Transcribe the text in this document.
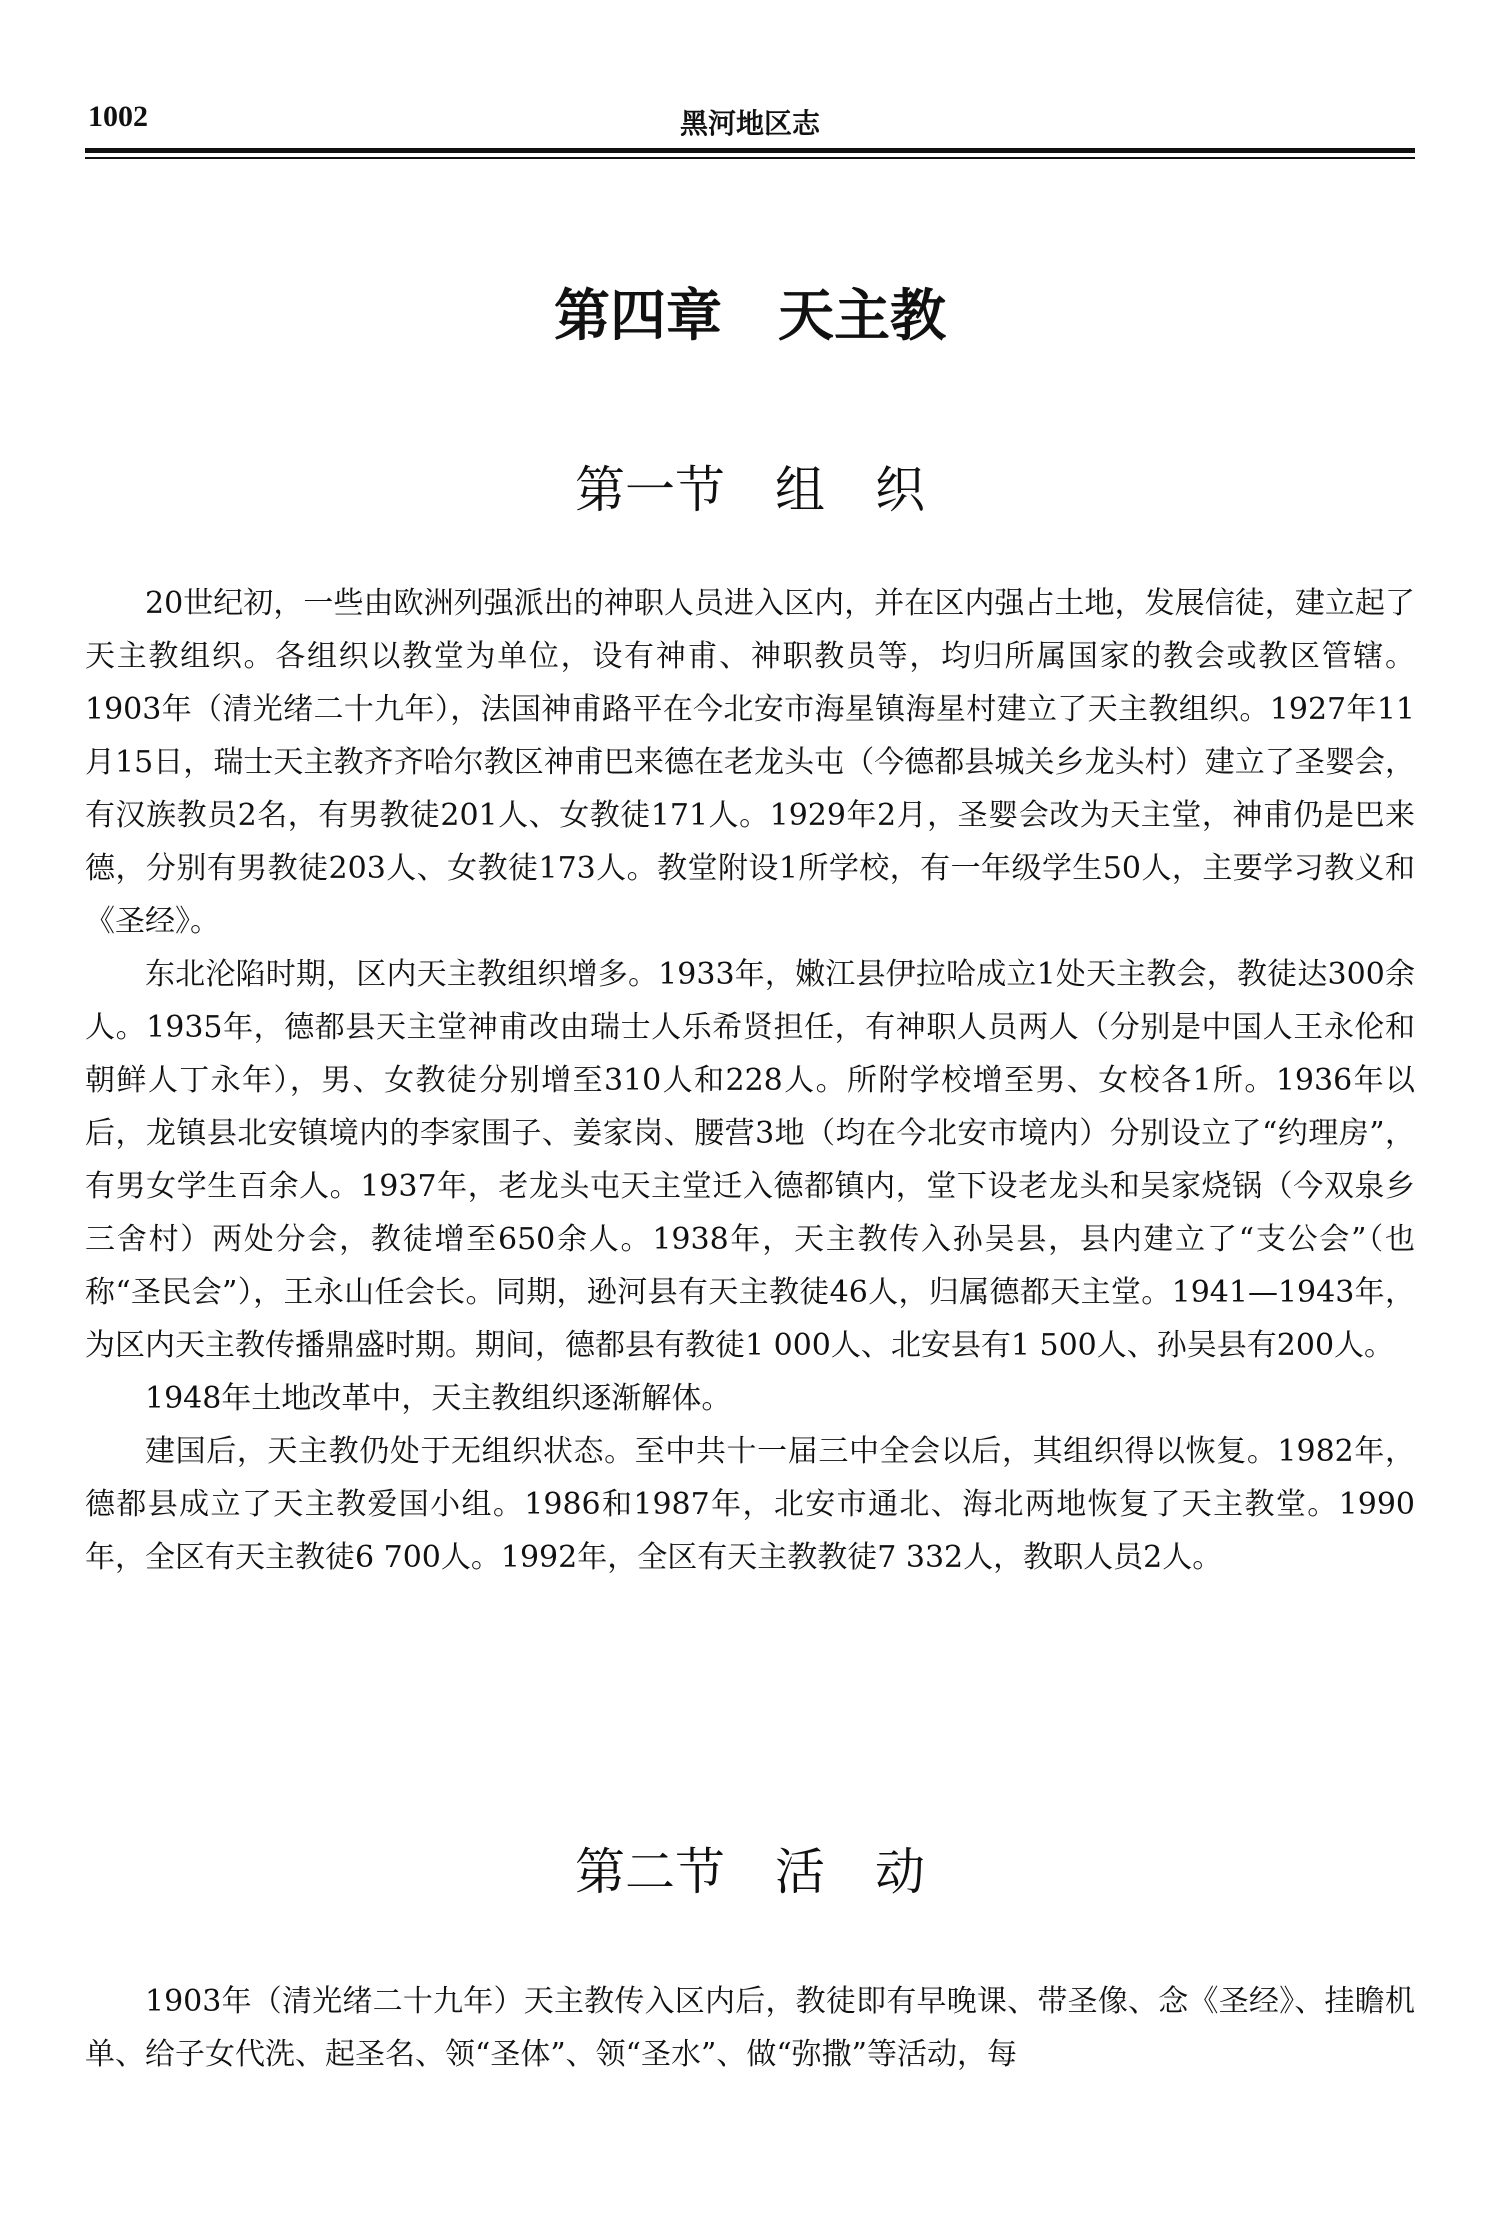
1002	黑河地区志
第四章　天主教
第一节　组　织

20世纪初，一些由欧洲列强派出的神职人员进入区内，并在区内强占土地，发展信徒，建立起了天主教组织。各组织以教堂为单位，设有神甫、神职教员等，均归所属国家的教会或教区管辖。1903年（清光绪二十九年），法国神甫路平在今北安市海星镇海星村建立了天主教组织。1927年11月15日，瑞士天主教齐齐哈尔教区神甫巴来德在老龙头屯（今德都县城关乡龙头村）建立了圣婴会，有汉族教员2名，有男教徒201人、女教徒171人。1929年2月，圣婴会改为天主堂，神甫仍是巴来德，分别有男教徒203人、女教徒173人。教堂附设1所学校，有一年级学生50人，主要学习教义和《圣经》。

东北沦陷时期，区内天主教组织增多。1933年，嫩江县伊拉哈成立1处天主教会，教徒达300余人。1935年，德都县天主堂神甫改由瑞士人乐希贤担任，有神职人员两人（分别是中国人王永伦和朝鲜人丁永年），男、女教徒分别增至310人和228人。所附学校增至男、女校各1所。1936年以后，龙镇县北安镇境内的李家围子、姜家岗、腰营3地（均在今北安市境内）分别设立了“约理房”，有男女学生百余人。1937年，老龙头屯天主堂迁入德都镇内，堂下设老龙头和吴家烧锅（今双泉乡三舍村）两处分会，教徒增至650余人。1938年，天主教传入孙吴县，县内建立了“支公会”（也称“圣民会”），王永山任会长。同期，逊河县有天主教徒46人，归属德都天主堂。1941—1943年，为区内天主教传播鼎盛时期。期间，德都县有教徒1 000人、北安县有1 500人、孙吴县有200人。

1948年土地改革中，天主教组织逐渐解体。

建国后，天主教仍处于无组织状态。至中共十一届三中全会以后，其组织得以恢复。1982年，德都县成立了天主教爱国小组。1986和1987年，北安市通北、海北两地恢复了天主教堂。1990年，全区有天主教徒6 700人。1992年，全区有天主教教徒7 332人，教职人员2人。

第二节　活　动

1903年（清光绪二十九年）天主教传入区内后，教徒即有早晚课、带圣像、念《圣经》、挂瞻机单、给子女代洗、起圣名、领“圣体”、领“圣水”、做“弥撒”等活动，每
